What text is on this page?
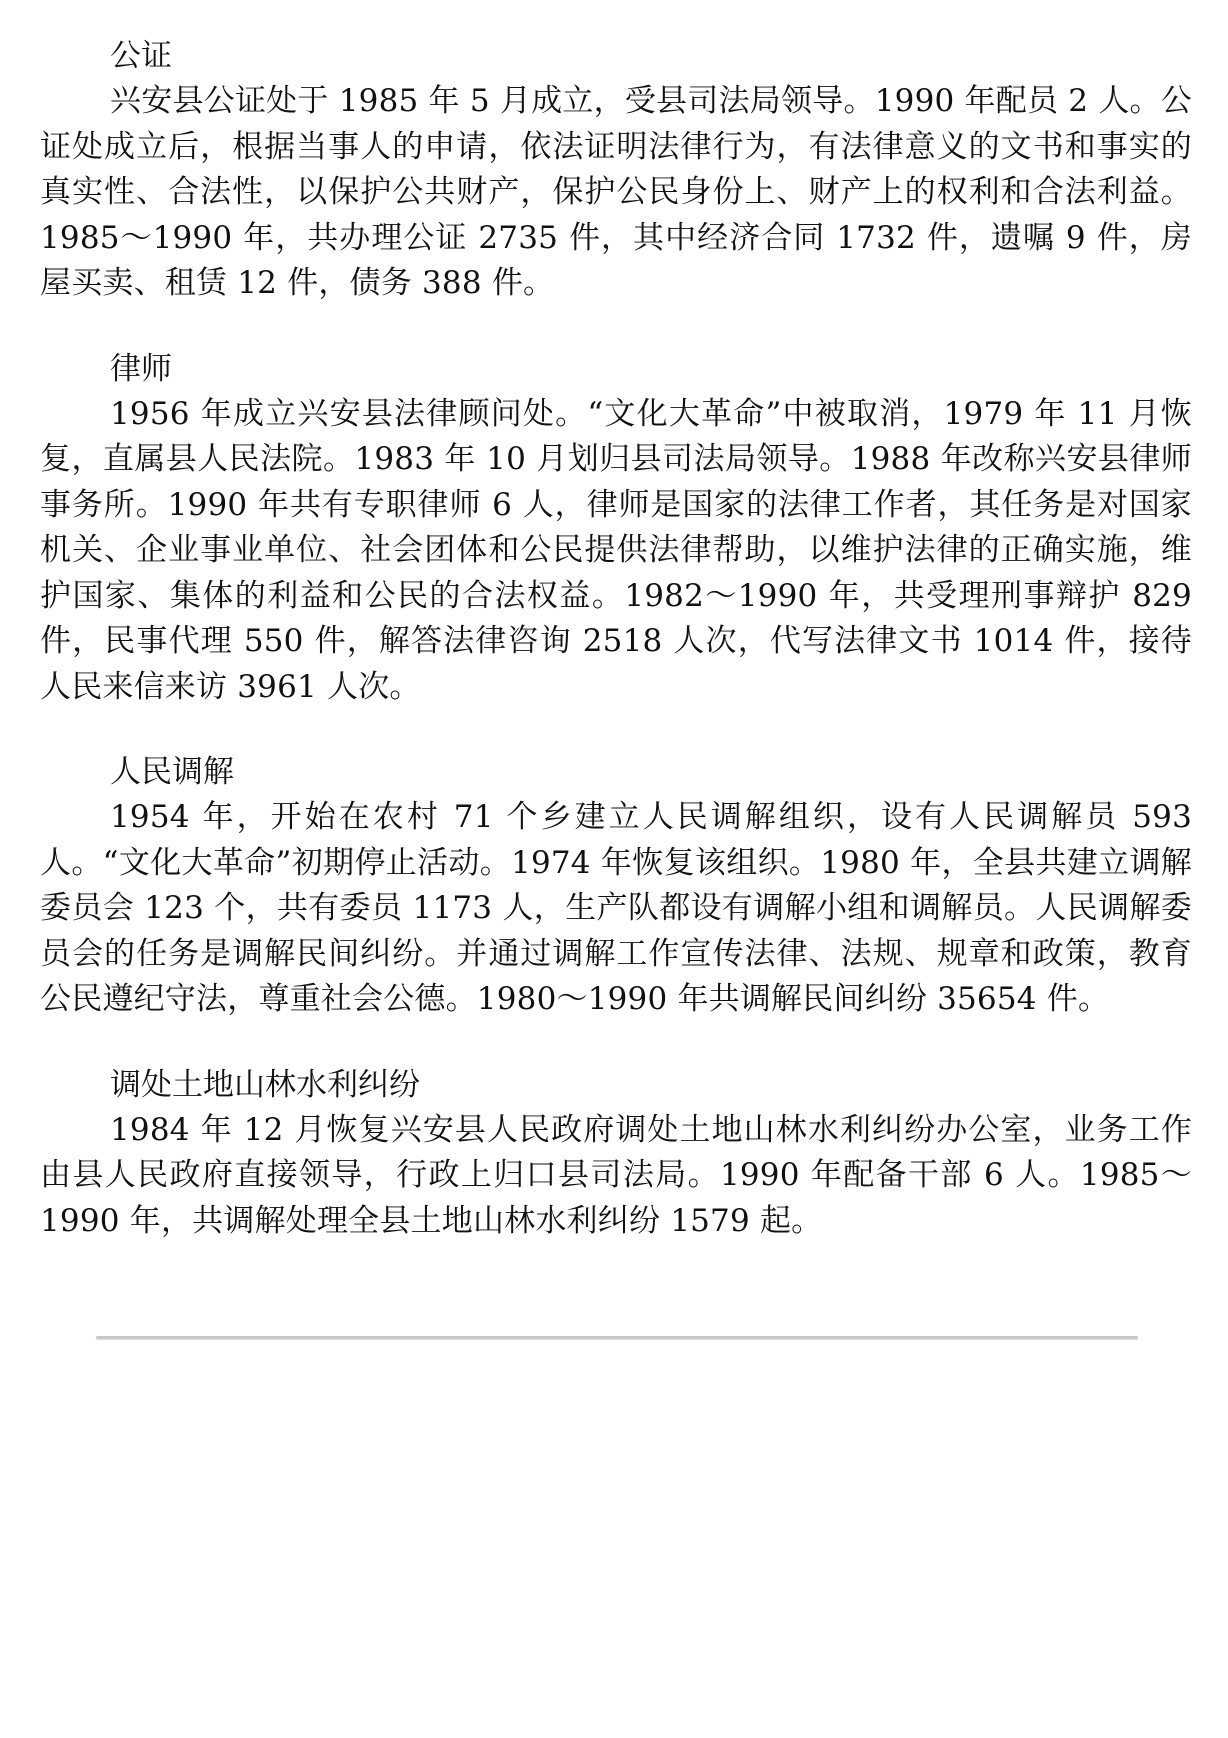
公证

兴安县公证处于 1985 年 5 月成立，受县司法局领导。1990 年配员 2 人。公证处成立后，根据当事人的申请，依法证明法律行为，有法律意义的文书和事实的真实性、合法性，以保护公共财产，保护公民身份上、财产上的权利和合法利益。1985～1990 年，共办理公证 2735 件，其中经济合同 1732 件，遗嘱 9 件，房屋买卖、租赁 12 件，债务 388 件。

律师

1956 年成立兴安县法律顾问处。“文化大革命”中被取消，1979 年 11 月恢复，直属县人民法院。1983 年 10 月划归县司法局领导。1988 年改称兴安县律师事务所。1990 年共有专职律师 6 人，律师是国家的法律工作者，其任务是对国家机关、企业事业单位、社会团体和公民提供法律帮助，以维护法律的正确实施，维护国家、集体的利益和公民的合法权益。1982～1990 年，共受理刑事辩护 829 件，民事代理 550 件，解答法律咨询 2518 人次，代写法律文书 1014 件，接待人民来信来访 3961 人次。

人民调解

1954 年，开始在农村 71 个乡建立人民调解组织，设有人民调解员 593 人。“文化大革命”初期停止活动。1974 年恢复该组织。1980 年，全县共建立调解委员会 123 个，共有委员 1173 人，生产队都设有调解小组和调解员。人民调解委员会的任务是调解民间纠纷。并通过调解工作宣传法律、法规、规章和政策，教育公民遵纪守法，尊重社会公德。1980～1990 年共调解民间纠纷 35654 件。

调处土地山林水利纠纷

1984 年 12 月恢复兴安县人民政府调处土地山林水利纠纷办公室，业务工作由县人民政府直接领导，行政上归口县司法局。1990 年配备干部 6 人。1985～1990 年，共调解处理全县土地山林水利纠纷 1579 起。
